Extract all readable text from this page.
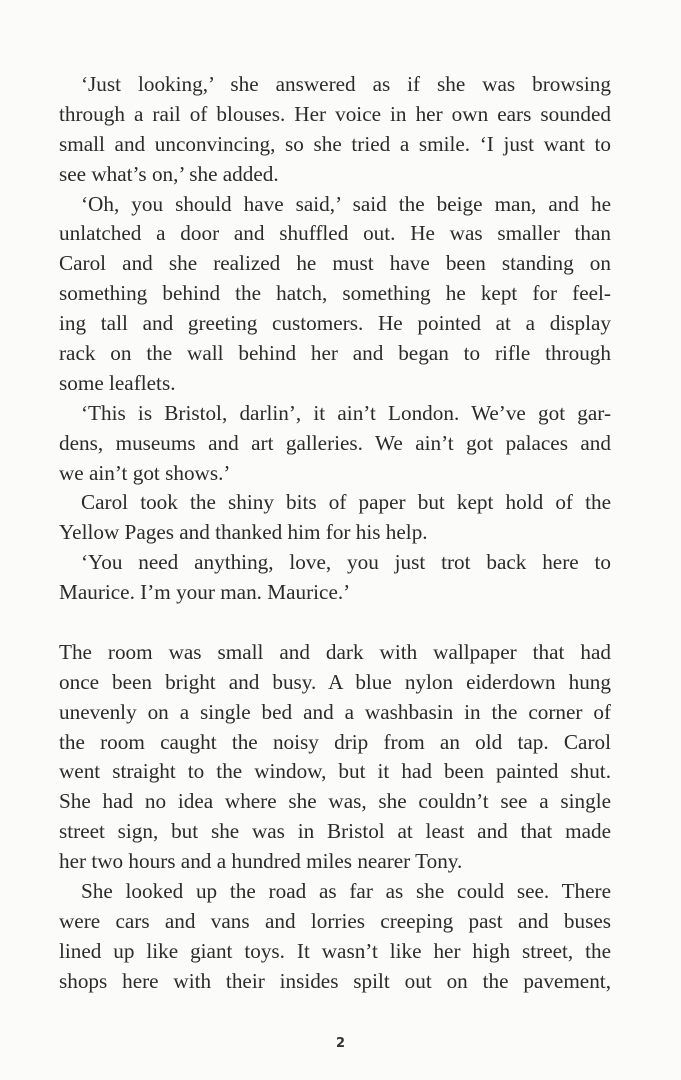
‘Just looking,’ she answered as if she was browsing
through a rail of blouses. Her voice in her own ears sounded
small and unconvincing, so she tried a smile. ‘I just want to
see what’s on,’ she added.
‘Oh, you should have said,’ said the beige man, and he
unlatched a door and shuffled out. He was smaller than
Carol and she realized he must have been standing on
something behind the hatch, something he kept for feel-
ing tall and greeting customers. He pointed at a display
rack on the wall behind her and began to rifle through
some leaflets.
‘This is Bristol, darlin’, it ain’t London. We’ve got gar-
dens, museums and art galleries. We ain’t got palaces and
we ain’t got shows.’
Carol took the shiny bits of paper but kept hold of the
Yellow Pages and thanked him for his help.
‘You need anything, love, you just trot back here to
Maurice. I’m your man. Maurice.’
The room was small and dark with wallpaper that had
once been bright and busy. A blue nylon eiderdown hung
unevenly on a single bed and a washbasin in the corner of
the room caught the noisy drip from an old tap. Carol
went straight to the window, but it had been painted shut.
She had no idea where she was, she couldn’t see a single
street sign, but she was in Bristol at least and that made
her two hours and a hundred miles nearer Tony.
She looked up the road as far as she could see. There
were cars and vans and lorries creeping past and buses
lined up like giant toys. It wasn’t like her high street, the
shops here with their insides spilt out on the pavement,
2
